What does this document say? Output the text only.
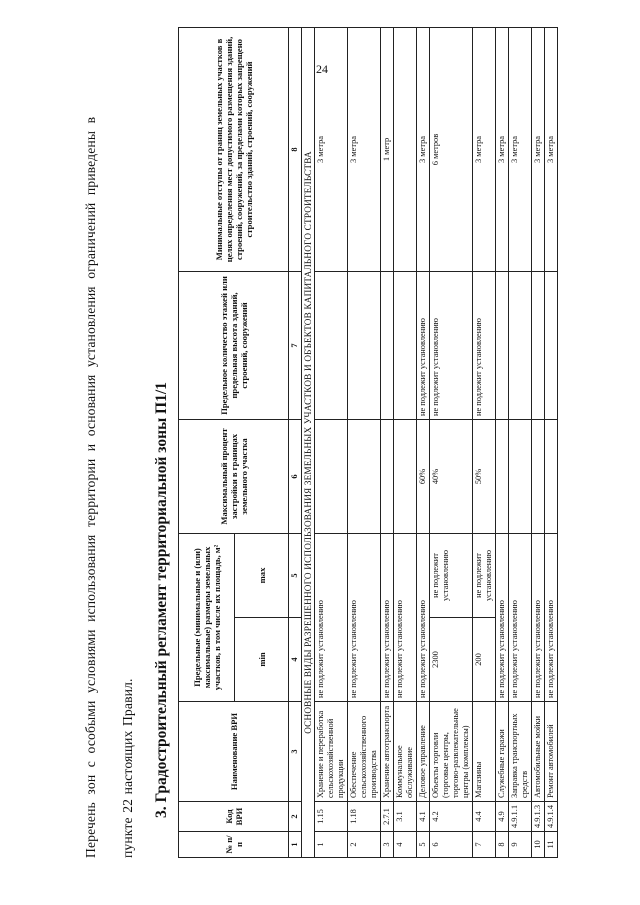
24

Перечень зон с особыми условиями использования территории и основания установления ограничений приведены в	пункте 22 настоящих Правил.	3. Градостроительный регламент территориальной зоны П1/1
№ п/п	Код ВРИ	Наименование ВРИ	Предельные (минимальные и (или) максимальные) размеры земельных участков, в том числе их площадь, м²		Максимальный процент застройки в границах земельного участка	Предельное количество этажей или предельная высота зданий, строений, сооружений	Минимальные отступы от границ земельных участков в целях определения мест допустимого размещения зданий, строений, сооружений, за пределами которых запрещено строительство зданий, строений, сооружений
			min	max			
1	2	3	4	5	6	7	8
ОСНОВНЫЕ ВИДЫ РАЗРЕШЕННОГО ИСПОЛЬЗОВАНИЯ ЗЕМЕЛЬНЫХ УЧАСТКОВ И ОБЪЕКТОВ КАПИТАЛЬНОГО СТРОИТЕЛЬСТВА							
1	1.15	Хранение и переработка сельскохозяйственной продукции	не подлежит установлению				3 метра
2	1.18	Обеспечение сельскохозяйственного производства	не подлежит установлению				3 метра
3	2.7.1	Хранение автотранспорта	не подлежит установлению				1 метр
4	3.1	Коммунальное обслуживание	не подлежит установлению				
5	4.1	Деловое управление	не подлежит установлению		60%	не подлежит установлению	3 метра
6	4.2	Объекты торговли (торговые центры, торгово-развлекательные центры (комплексы)	2300	не подлежит установлению	40%	не подлежит установлению	6 метров
7	4.4	Магазины	200	не подлежит установлению	50%	не подлежит установлению	3 метра
8	4.9	Служебные гаражи	не подлежит установлению				3 метра
9	4.9.1.1	Заправка транспортных средств	не подлежит установлению				3 метра
10	4.9.1.3	Автомобильные мойки	не подлежит установлению				3 метра
11	4.9.1.4	Ремонт автомобилей	не подлежит установлению				3 метра
